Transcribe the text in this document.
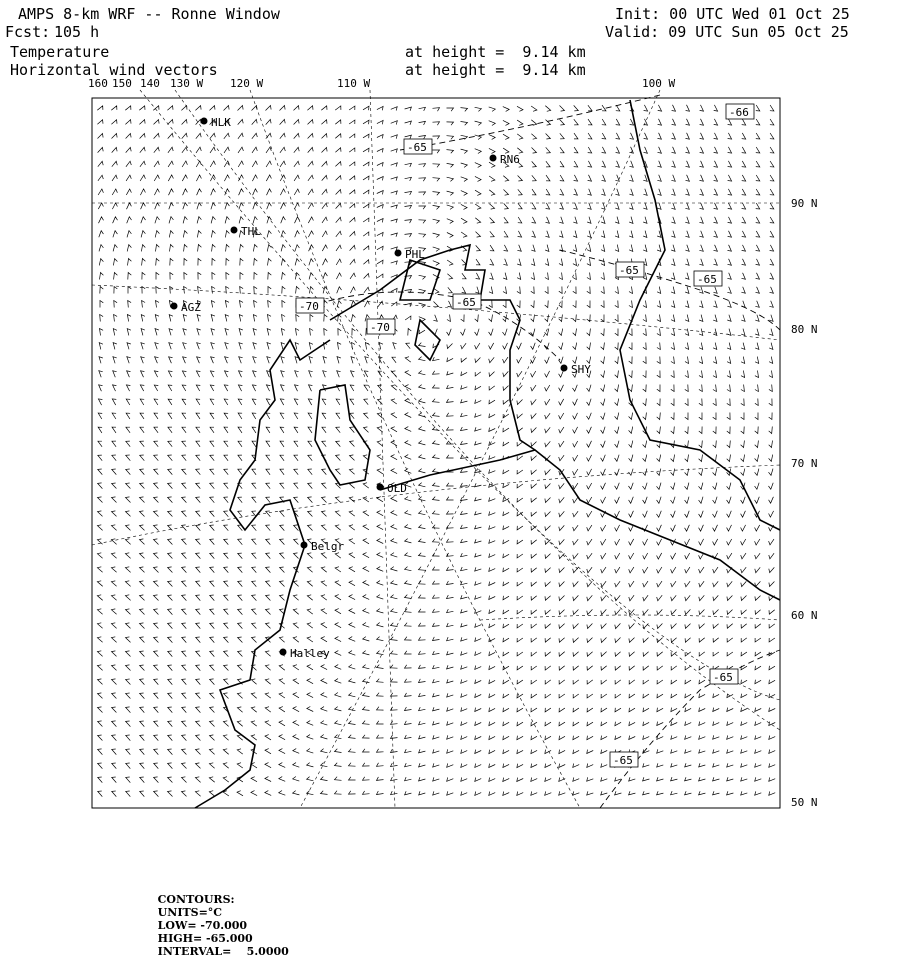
AMPS 8-km WRF -- Ronne Window
Fcst: 105 h
Init: 00 UTC Wed 01 Oct 25
Valid: 09 UTC Sun 05 Oct 25
Temperature
Horizontal wind vectors
at height =  9.14 km
at height =  9.14 km
HLK
RN6
THL
PHL
AGZ
SHY
OLD
Belgr
Halley
-65
-70
-70
-65
-65
-65
-66
-65
-65
160 150 140 130 W 120 W	110 W	100 W
90 N
80 N
70 N
60 N
50 N

CONTOURS:
UNITS=°C
LOW= -70.000
HIGH= -65.000
INTERVAL=    5.0000
